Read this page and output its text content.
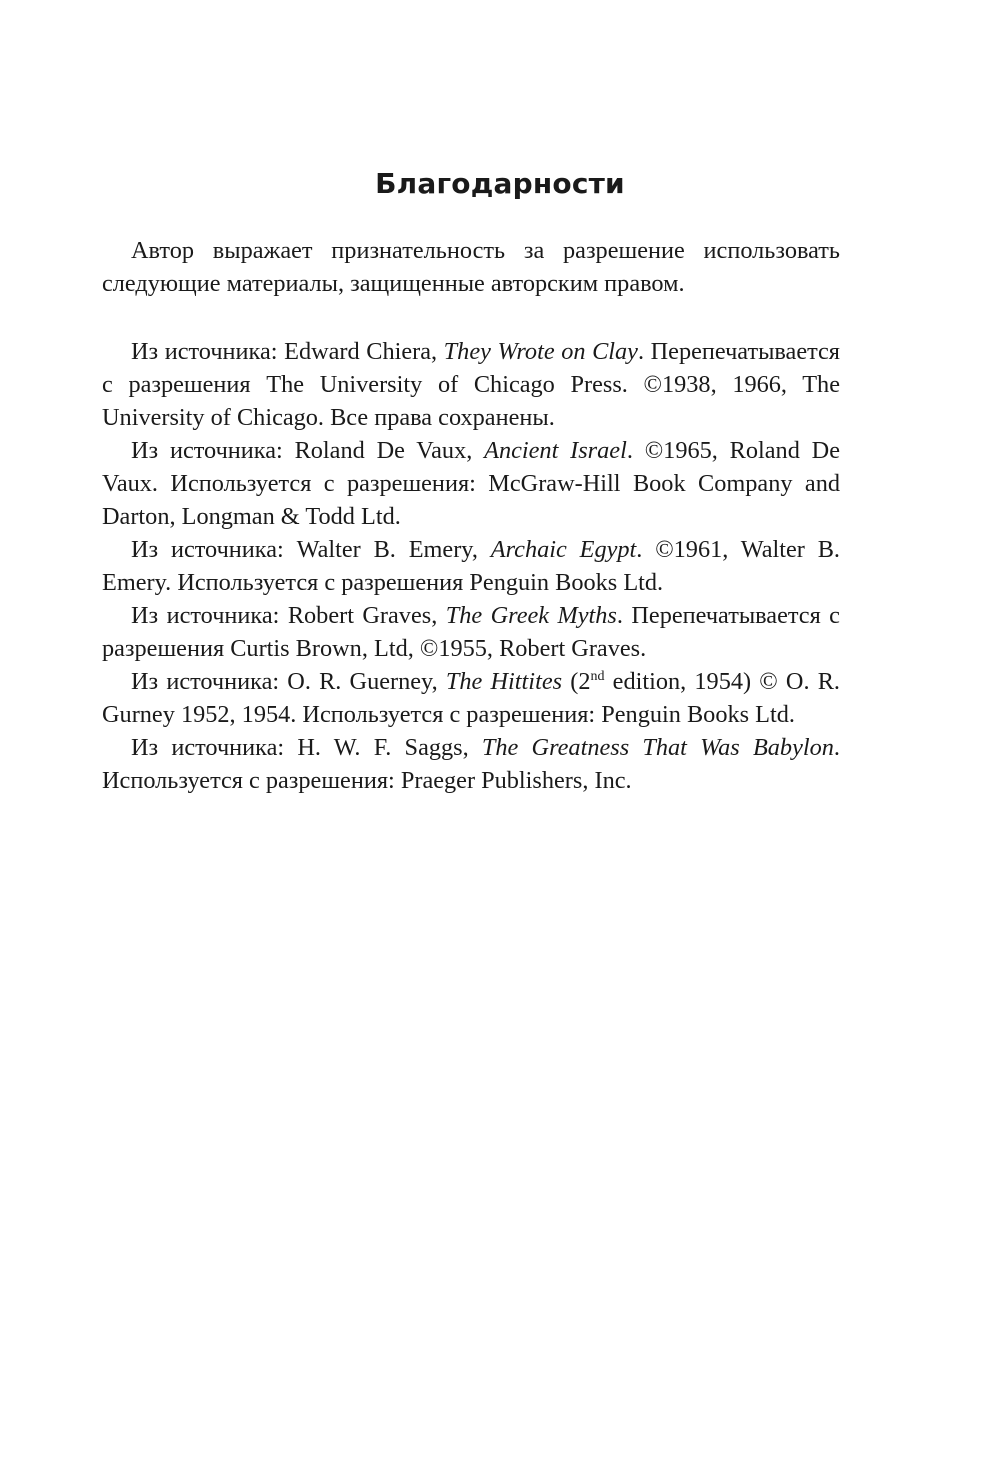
Благодарности

Автор выражает признательность за разрешение использовать следующие материалы, защищенные авторским правом.

Из источника: Edward Chiera, They Wrote on Clay. Перепечатывается с разрешения The University of Chicago Press. ©1938, 1966, The University of Chicago. Все права сохранены.

Из источника: Roland De Vaux, Ancient Israel. ©1965, Roland De Vaux. Используется с разрешения: McGraw-Hill Book Company and Darton, Longman & Todd Ltd.

Из источника: Walter B. Emery, Archaic Egypt. ©1961, Walter B. Emery. Используется с разрешения Penguin Books Ltd.

Из источника: Robert Graves, The Greek Myths. Перепечатывается с разрешения Curtis Brown, Ltd, ©1955, Robert Graves.

Из источника: O. R. Guerney, The Hittites (2nd edition, 1954) © O. R. Gurney 1952, 1954. Используется с разрешения: Penguin Books Ltd.

Из источника: H. W. F. Saggs, The Greatness That Was Babylon. Используется с разрешения: Praeger Publishers, Inc.
